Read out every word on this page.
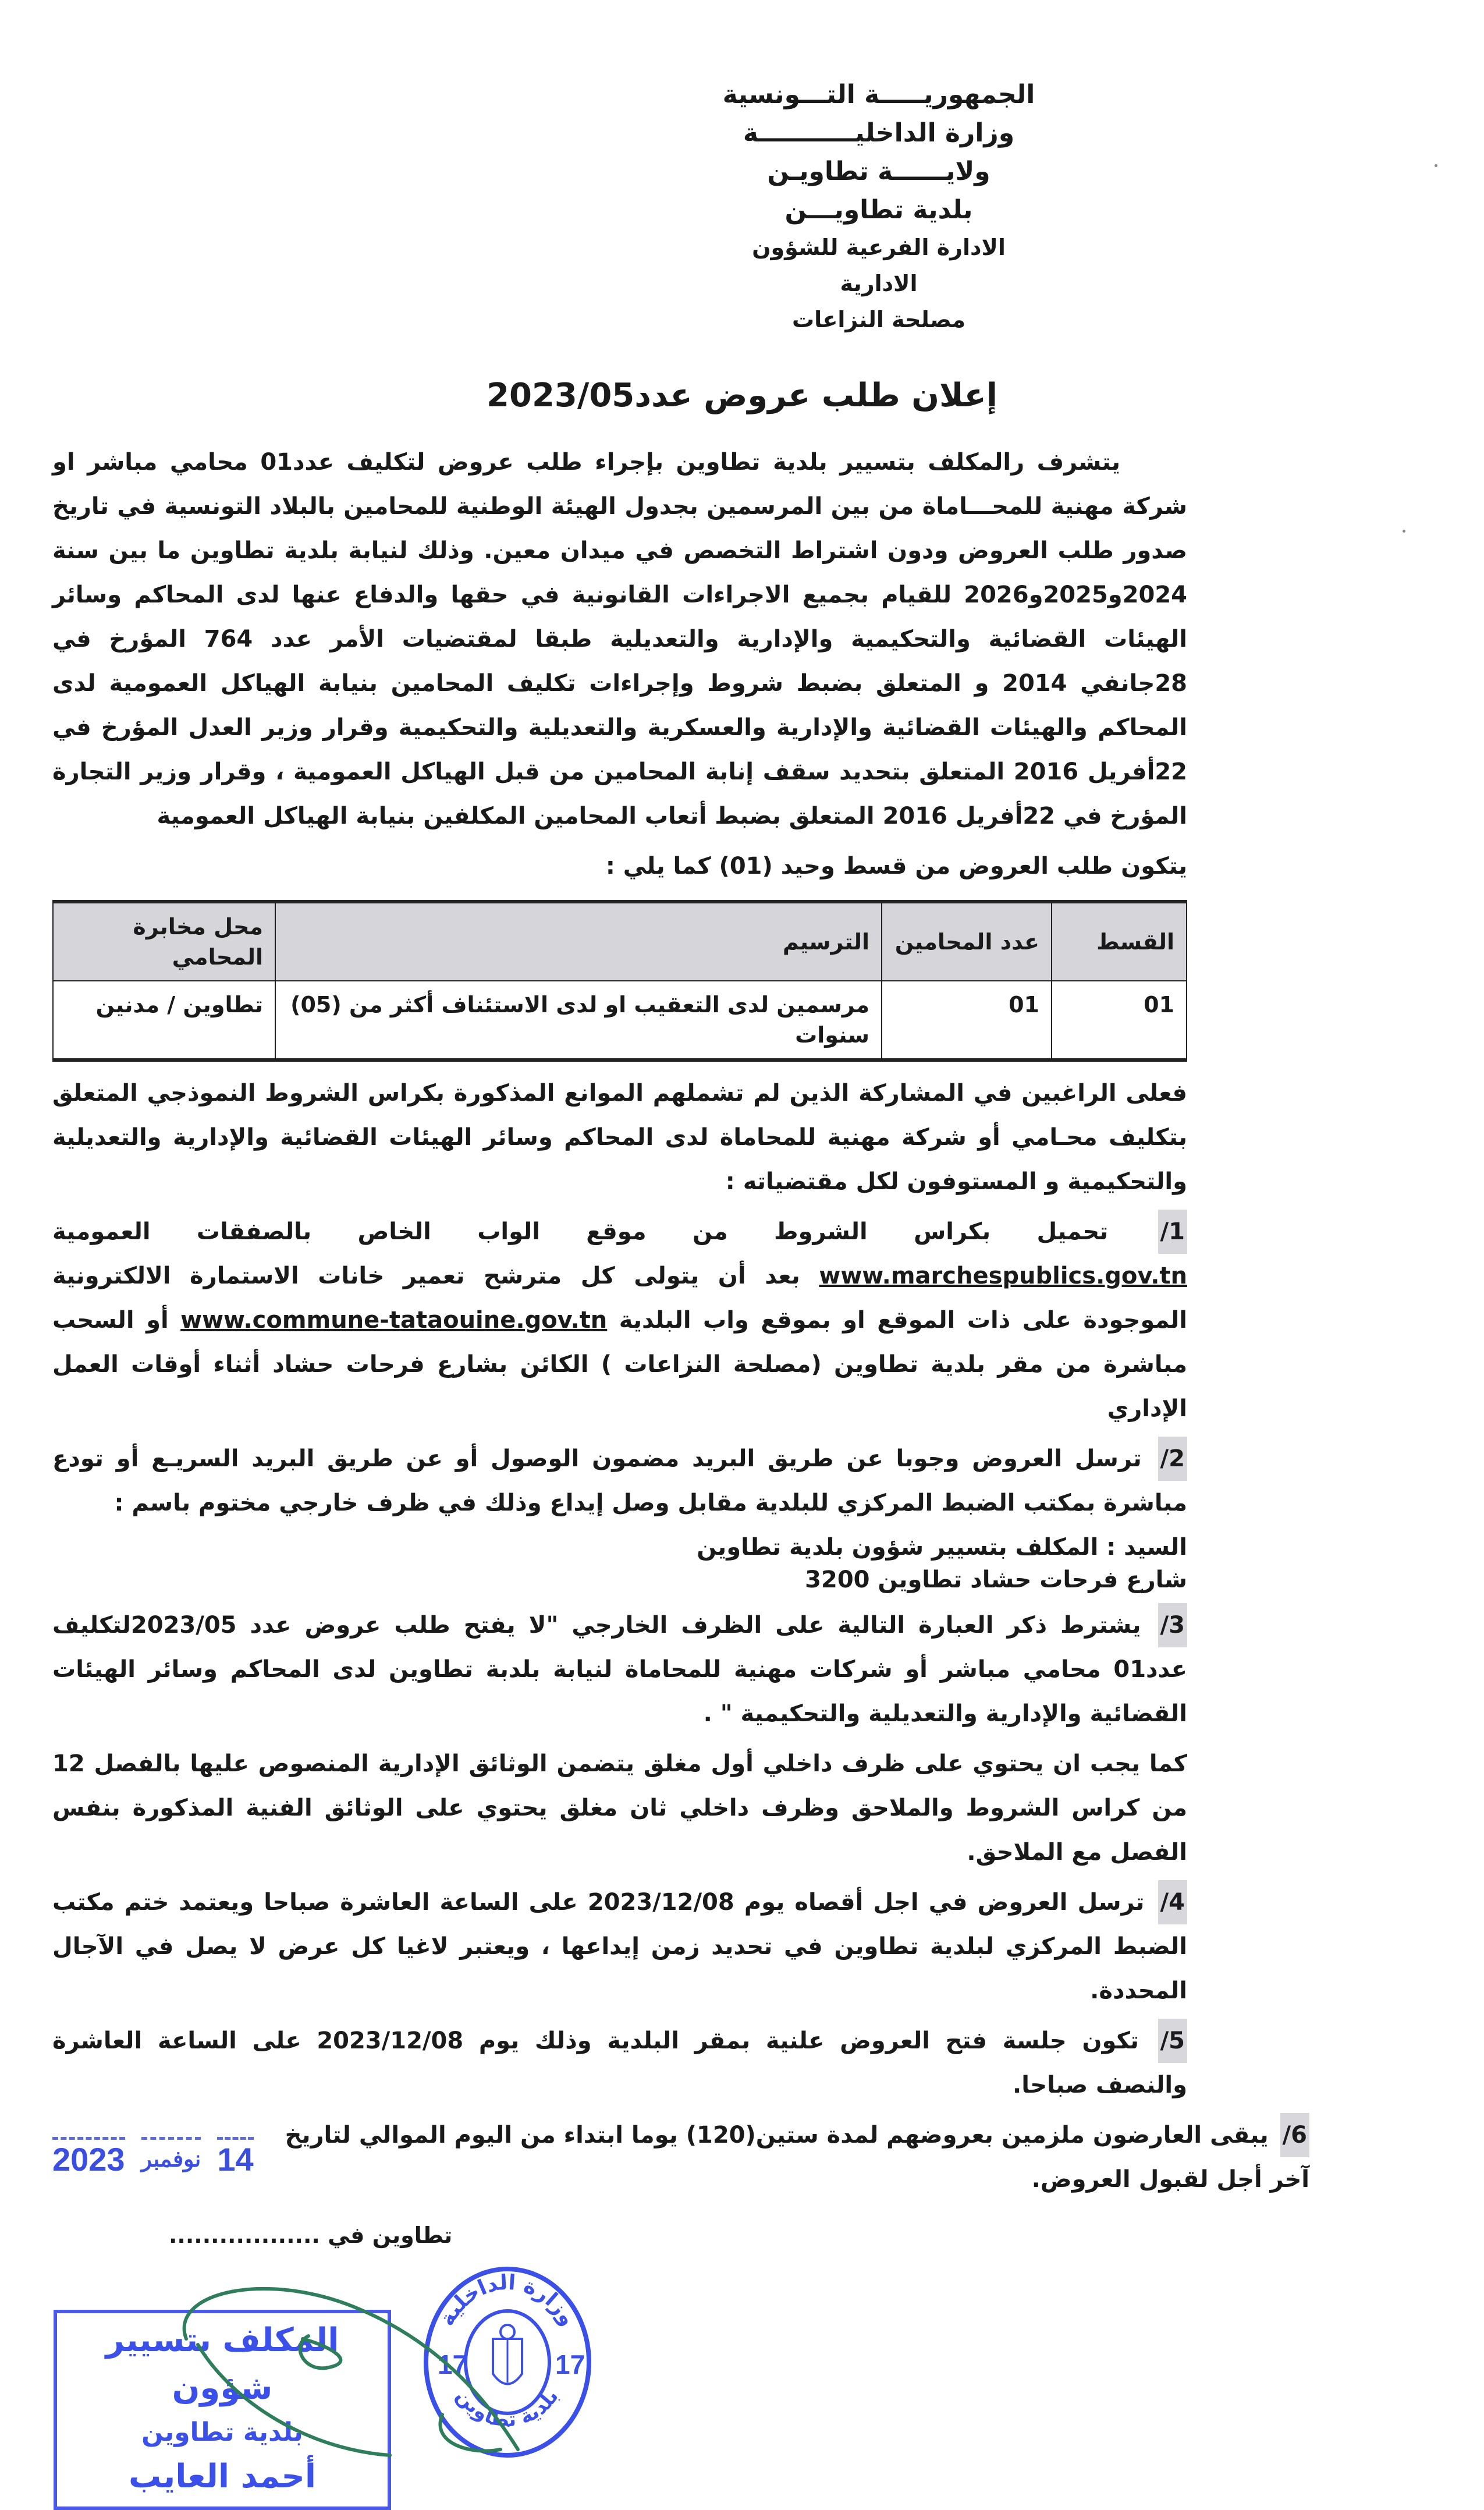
الجمهوريـــــة التـــونسية
وزارة الداخليـــــــــــة
ولايــــــة تطاويـن
بلدية تطاويـــن
الادارة الفرعية للشؤون الادارية
مصلحة النزاعات
إعلان طلب عروض عدد2023/05

يتشرف رالمكلف بتسيير بلدية تطاوين بإجراء طلب عروض لتكليف عدد01 محامي مباشر او شركة مهنية للمحـــاماة من بين المرسمين بجدول الهيئة الوطنية للمحامين بالبلاد التونسية في تاريخ صدور طلب العروض ودون اشتراط التخصص في ميدان معين. وذلك لنيابة بلدية تطاوين ما بين سنة 2024و2025و2026 للقيام بجميع الاجراءات القانونية في حقها والدفاع عنها لدى المحاكم وسائر الهيئات القضائية والتحكيمية والإدارية والتعديلية طبقا لمقتضيات الأمر عدد 764 المؤرخ في 28جانفي 2014 و المتعلق بضبط شروط وإجراءات تكليف المحامين بنيابة الهياكل العمومية لدى المحاكم والهيئات القضائية والإدارية والعسكرية والتعديلية والتحكيمية وقرار وزير العدل المؤرخ في 22أفريل 2016 المتعلق بتحديد سقف إنابة المحامين من قبل الهياكل العمومية ، وقرار وزير التجارة المؤرخ في 22أفريل 2016 المتعلق بضبط أتعاب المحامين المكلفين بنيابة الهياكل العمومية

يتكون طلب العروض من قسط وحيد (01) كما يلي :

القسط	عدد المحامين	الترسيم	محل مخابرة المحامي
01	01	مرسمين لدى التعقيب او لدى الاستئناف أكثر من (05) سنوات	تطاوين / مدنين

فعلى الراغبين في المشاركة الذين لم تشملهم الموانع المذكورة بكراس الشروط النموذجي المتعلق بتكليف محـامي أو شركة مهنية للمحاماة لدى المحاكم وسائر الهيئات القضائية والإدارية والتعديلية والتحكيمية و المستوفون لكل مقتضياته :

1/ تحميل بكراس الشروط من موقع الواب الخاص بالصفقات العمومية www.marchespublics.gov.tn بعد أن يتولى كل مترشح تعمير خانات الاستمارة الالكترونية الموجودة على ذات الموقع او بموقع واب البلدية www.commune-tataouine.gov.tn أو السحب مباشرة من مقر بلدية تطاوين (مصلحة النزاعات ) الكائن بشارع فرحات حشاد أثناء أوقات العمل الإداري

2/ ترسل العروض وجوبا عن طريق البريد مضمون الوصول أو عن طريق البريد السريـع أو تودع مباشرة بمكتب الضبط المركزي للبلدية مقابل وصل إيداع وذلك في ظرف خارجي مختوم باسم :

السيد : المكلف بتسيير شؤون بلدية تطاوين
شارع فرحات حشاد تطاوين 3200

3/ يشترط ذكر العبارة التالية على الظرف الخارجي "لا يفتح طلب عروض عدد 2023/05لتكليف عدد01 محامي مباشر أو شركات مهنية للمحاماة لنيابة بلدبة تطاوين لدى المحاكم وسائر الهيئات القضائية والإدارية والتعديلية والتحكيمية " .

كما يجب ان يحتوي على ظرف داخلي أول مغلق يتضمن الوثائق الإدارية المنصوص عليها بالفصل 12 من كراس الشروط والملاحق وظرف داخلي ثان مغلق يحتوي على الوثائق الفنية المذكورة بنفس الفصل مع الملاحق.

4/ ترسل العروض في اجل أقصاه يوم 2023/12/08 على الساعة العاشرة صباحا ويعتمد ختم مكتب الضبط المركزي لبلدية تطاوين في تحديد زمن إيداعها ، ويعتبر لاغيا كل عرض لا يصل في الآجال المحددة.

5/ تكون جلسة فتح العروض علنية بمقر البلدية وذلك يوم 2023/12/08 على الساعة العاشرة والنصف صباحا.

6/ يبقى العارضون ملزمين بعروضهم لمدة ستين(120) يوما ابتداء من اليوم الموالي لتاريخ آخر أجل لقبول العروض.

2023 نوفمبر 14
تطاوين في ..................
المكلف بتسيير شؤون
بلدية تطاوين
أحمد العايب
وزارة الداخلية
بلدية تطاوين
17	17
